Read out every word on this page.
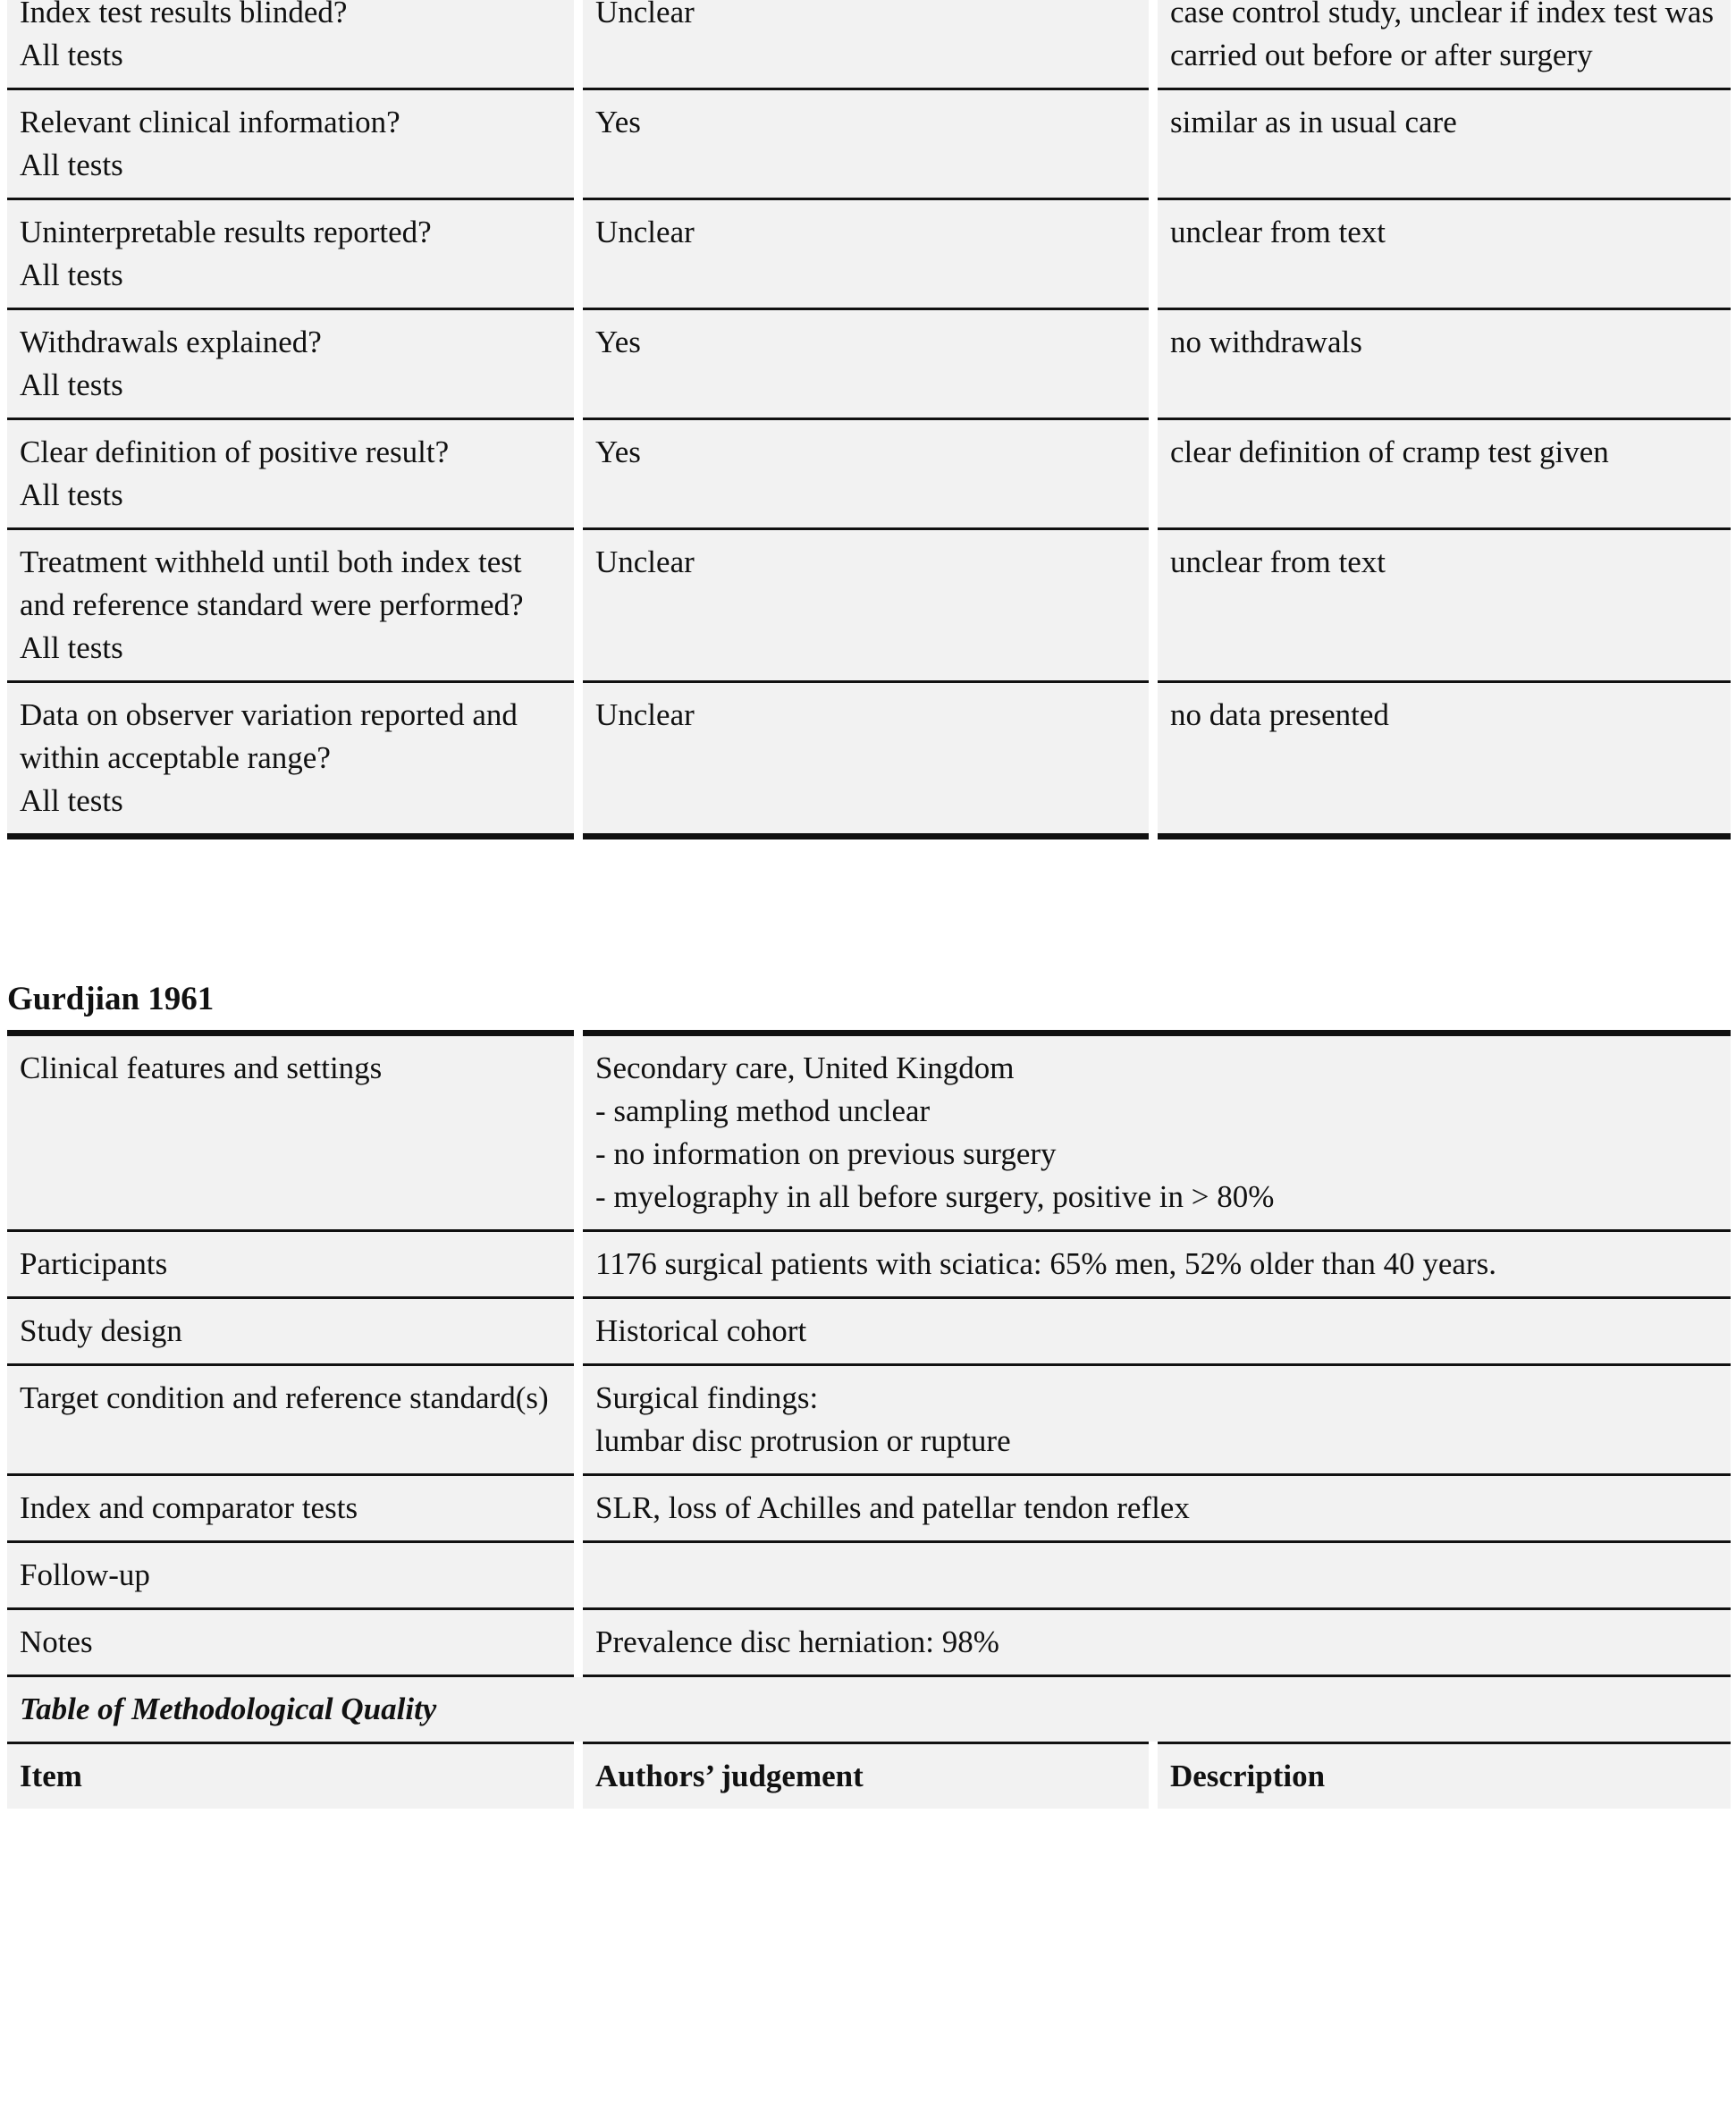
Index test results blinded?
All tests	Unclear	case control study, unclear if index test was
carried out before or after surgery

Relevant clinical information?
All tests	Yes	similar as in usual care

Uninterpretable results reported?
All tests	Unclear	unclear from text

Withdrawals explained?
All tests	Yes	no withdrawals

Clear definition of positive result?
All tests	Yes	clear definition of cramp test given

Treatment withheld until both index test
and reference standard were performed?
All tests	Unclear	unclear from text

Data on observer variation reported and
within acceptable range?
All tests	Unclear	no data presented
Gurdjian 1961
Clinical features and settings	Secondary care, United Kingdom
- sampling method unclear
- no information on previous surgery
- myelography in all before surgery, positive in > 80%	

Participants	1176 surgical patients with sciatica: 65% men, 52% older than 40 years.	

Study design	Historical cohort	

Target condition and reference standard(s)	Surgical findings:
lumbar disc protrusion or rupture	

Index and comparator tests	SLR, loss of Achilles and patellar tendon reflex	

Follow-up		
Notes	Prevalence disc herniation: 98%	

Table of Methodological Quality		
Item	Authors’ judgement	Description
